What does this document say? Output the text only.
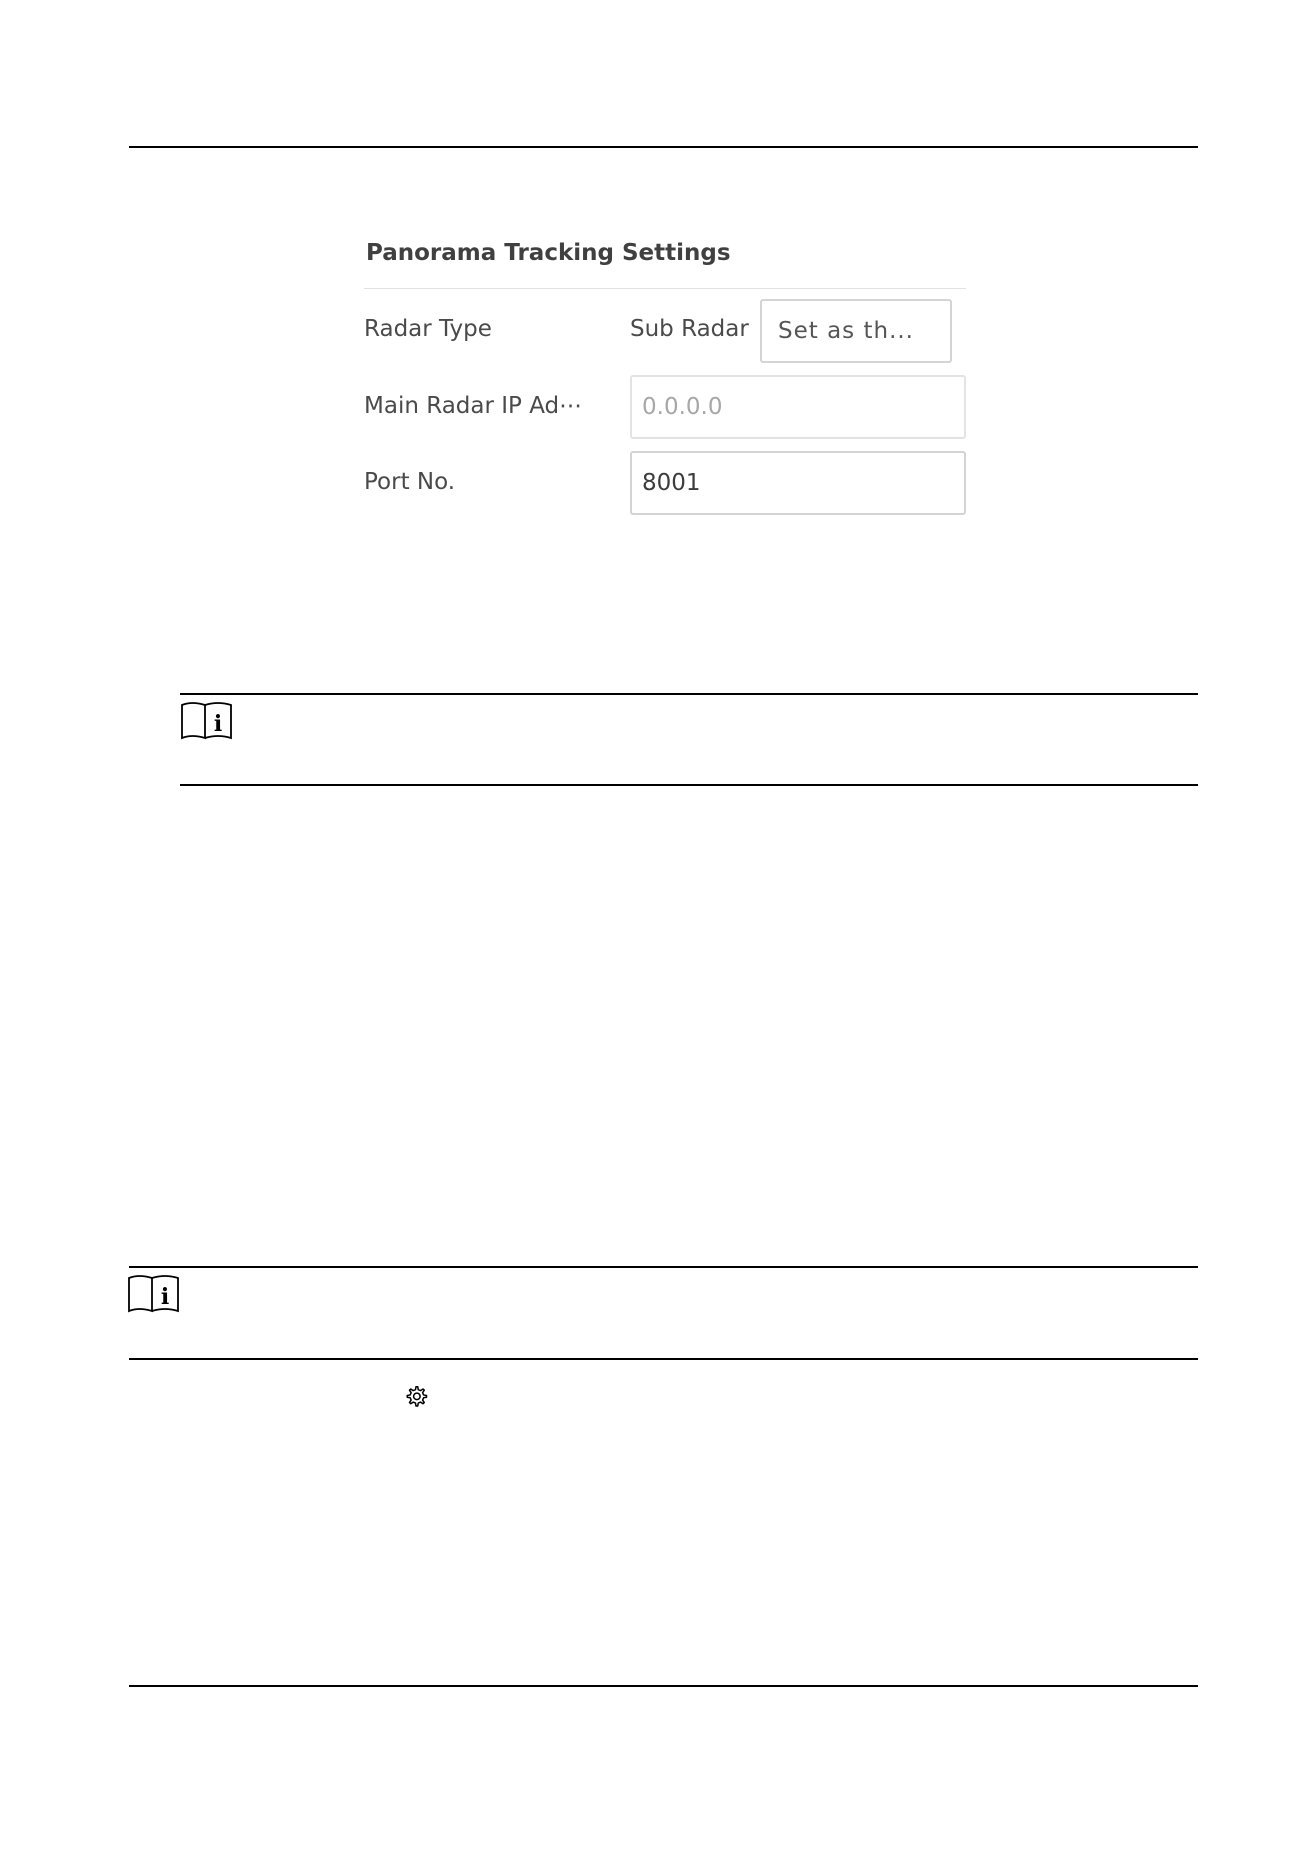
Panorama Tracking Settings
Radar Type	Sub Radar	Set as th...
Main Radar IP Ad⋯	0.0.0.0
Port No.	8001
i
i
